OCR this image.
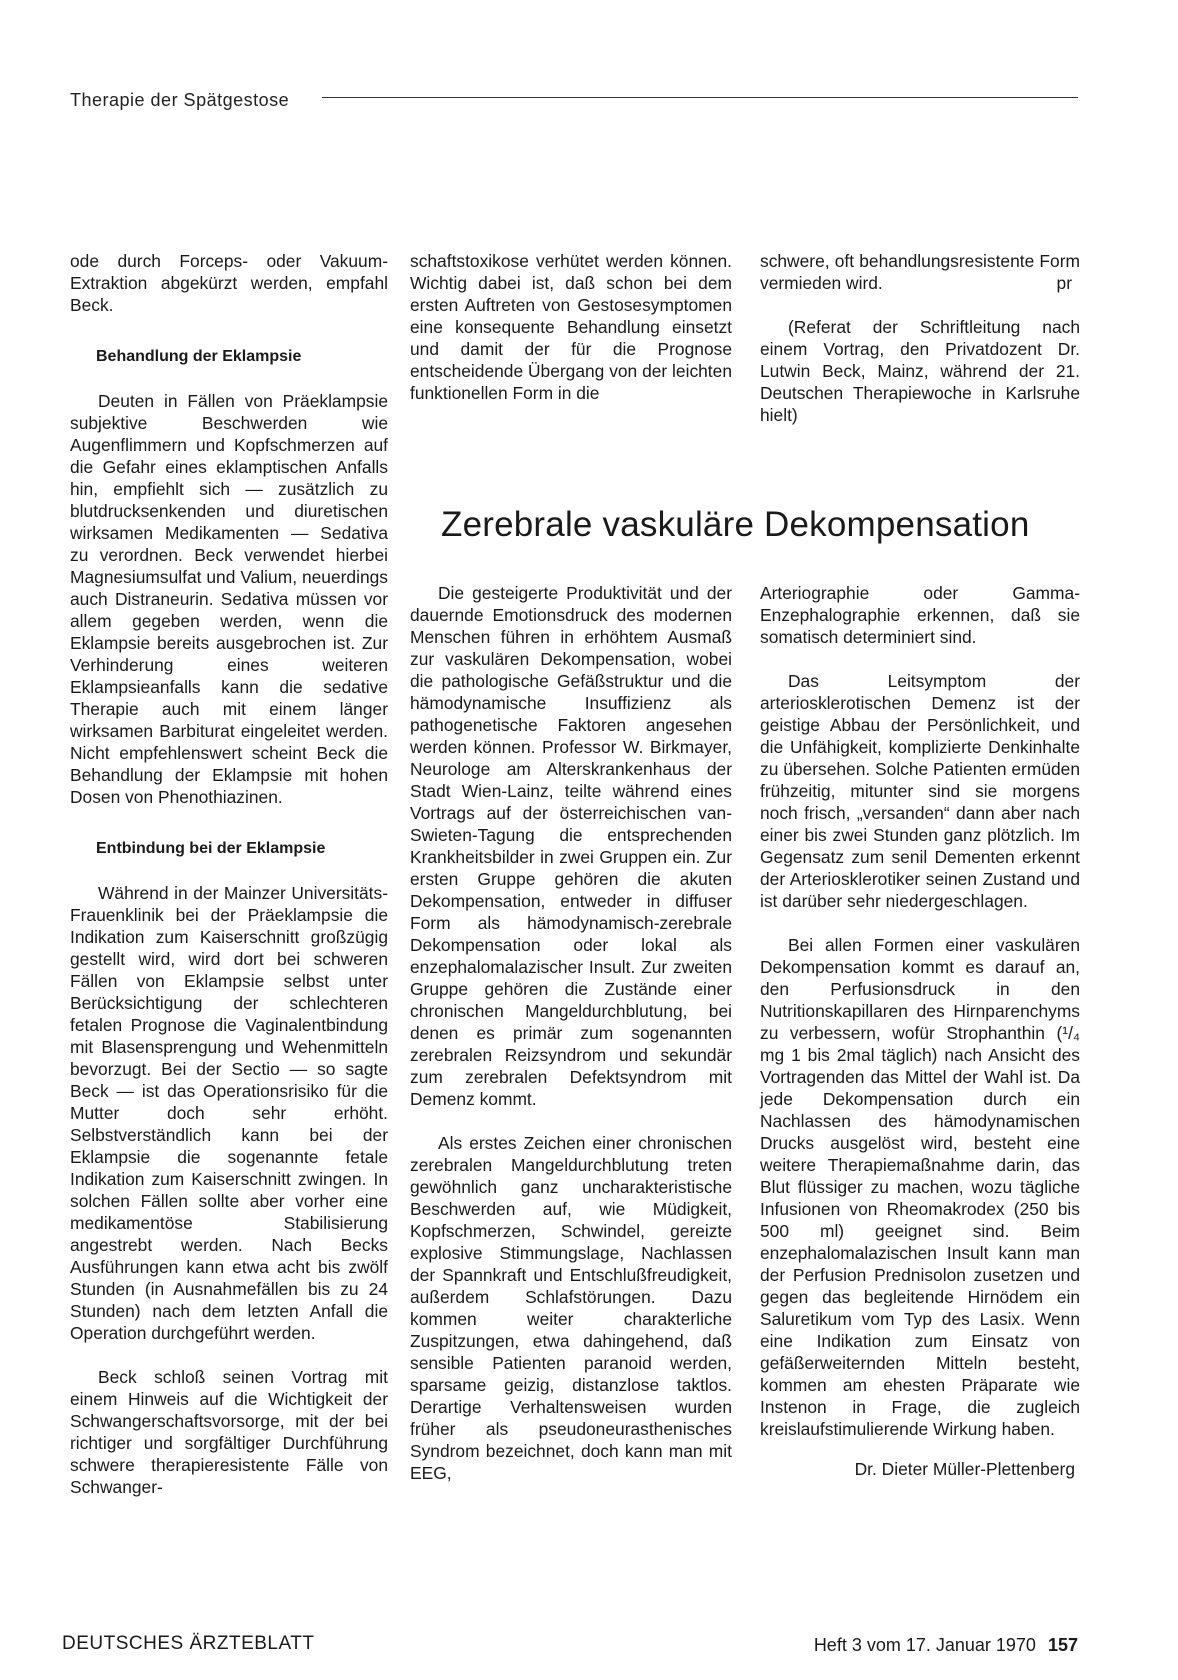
Therapie der Spätgestose

ode durch Forceps- oder Vakuum-Extraktion abgekürzt werden, empfahl Beck.

Behandlung der Eklampsie

Deuten in Fällen von Präeklampsie subjektive Beschwerden wie Augenflimmern und Kopfschmerzen auf die Gefahr eines eklamptischen Anfalls hin, empfiehlt sich — zusätzlich zu blutdrucksenkenden und diuretischen wirksamen Medikamenten — Sedativa zu verordnen. Beck verwendet hierbei Magnesiumsulfat und Valium, neuerdings auch Distraneurin. Sedativa müssen vor allem gegeben werden, wenn die Eklampsie bereits ausgebrochen ist. Zur Verhinderung eines weiteren Eklampsieanfalls kann die sedative Therapie auch mit einem länger wirksamen Barbiturat eingeleitet werden. Nicht empfehlenswert scheint Beck die Behandlung der Eklampsie mit hohen Dosen von Phenothiazinen.

Entbindung bei der Eklampsie

Während in der Mainzer Universitäts-Frauenklinik bei der Präeklampsie die Indikation zum Kaiserschnitt großzügig gestellt wird, wird dort bei schweren Fällen von Eklampsie selbst unter Berücksichtigung der schlechteren fetalen Prognose die Vaginalentbindung mit Blasensprengung und Wehenmitteln bevorzugt. Bei der Sectio — so sagte Beck — ist das Operationsrisiko für die Mutter doch sehr erhöht. Selbstverständlich kann bei der Eklampsie die sogenannte fetale Indikation zum Kaiserschnitt zwingen. In solchen Fällen sollte aber vorher eine medikamentöse Stabilisierung angestrebt werden. Nach Becks Ausführungen kann etwa acht bis zwölf Stunden (in Ausnahmefällen bis zu 24 Stunden) nach dem letzten Anfall die Operation durchgeführt werden.

Beck schloß seinen Vortrag mit einem Hinweis auf die Wichtigkeit der Schwangerschaftsvorsorge, mit der bei richtiger und sorgfältiger Durchführung schwere therapieresistente Fälle von Schwanger-

schaftstoxikose verhütet werden können. Wichtig dabei ist, daß schon bei dem ersten Auftreten von Gestosesymptomen eine konsequente Behandlung einsetzt und damit der für die Prognose entscheidende Übergang von der leichten funktionellen Form in die

schwere, oft behandlungsresistente Form vermieden wird.	pr

(Referat der Schriftleitung nach einem Vortrag, den Privatdozent Dr. Lutwin Beck, Mainz, während der 21. Deutschen Therapiewoche in Karlsruhe hielt)

Zerebrale vaskuläre Dekompensation

Die gesteigerte Produktivität und der dauernde Emotionsdruck des modernen Menschen führen in erhöhtem Ausmaß zur vaskulären Dekompensation, wobei die pathologische Gefäßstruktur und die hämodynamische Insuffizienz als pathogenetische Faktoren angesehen werden können. Professor W. Birkmayer, Neurologe am Alterskrankenhaus der Stadt Wien-Lainz, teilte während eines Vortrags auf der österreichischen van-Swieten-Tagung die entsprechenden Krankheitsbilder in zwei Gruppen ein. Zur ersten Gruppe gehören die akuten Dekompensation, entweder in diffuser Form als hämodynamisch-zerebrale Dekompensation oder lokal als enzephalomalazischer Insult. Zur zweiten Gruppe gehören die Zustände einer chronischen Mangeldurchblutung, bei denen es primär zum sogenannten zerebralen Reizsyndrom und sekundär zum zerebralen Defektsyndrom mit Demenz kommt.

Als erstes Zeichen einer chronischen zerebralen Mangeldurchblutung treten gewöhnlich ganz uncharakteristische Beschwerden auf, wie Müdigkeit, Kopfschmerzen, Schwindel, gereizte explosive Stimmungslage, Nachlassen der Spannkraft und Entschlußfreudigkeit, außerdem Schlafstörungen. Dazu kommen weiter charakterliche Zuspitzungen, etwa dahingehend, daß sensible Patienten paranoid werden, sparsame geizig, distanzlose taktlos. Derartige Verhaltensweisen wurden früher als pseudoneurasthenisches Syndrom bezeichnet, doch kann man mit EEG,

Arteriographie oder Gamma-Enzephalographie erkennen, daß sie somatisch determiniert sind.

Das Leitsymptom der arteriosklerotischen Demenz ist der geistige Abbau der Persönlichkeit, und die Unfähigkeit, komplizierte Denkinhalte zu übersehen. Solche Patienten ermüden frühzeitig, mitunter sind sie morgens noch frisch, „versanden“ dann aber nach einer bis zwei Stunden ganz plötzlich. Im Gegensatz zum senil Dementen erkennt der Arteriosklerotiker seinen Zustand und ist darüber sehr niedergeschlagen.

Bei allen Formen einer vaskulären Dekompensation kommt es darauf an, den Perfusionsdruck in den Nutritionskapillaren des Hirnparenchyms zu verbessern, wofür Strophanthin (¹/₄ mg 1 bis 2mal täglich) nach Ansicht des Vortragenden das Mittel der Wahl ist. Da jede Dekompensation durch ein Nachlassen des hämodynamischen Drucks ausgelöst wird, besteht eine weitere Therapiemaßnahme darin, das Blut flüssiger zu machen, wozu tägliche Infusionen von Rheomakrodex (250 bis 500 ml) geeignet sind. Beim enzephalomalazischen Insult kann man der Perfusion Prednisolon zusetzen und gegen das begleitende Hirnödem ein Saluretikum vom Typ des Lasix. Wenn eine Indikation zum Einsatz von gefäßerweiternden Mitteln besteht, kommen am ehesten Präparate wie Instenon in Frage, die zugleich kreislaufstimulierende Wirkung haben.

Dr. Dieter Müller-Plettenberg
DEUTSCHES ÄRZTEBLATT	Heft 3 vom 17. Januar 1970 157
